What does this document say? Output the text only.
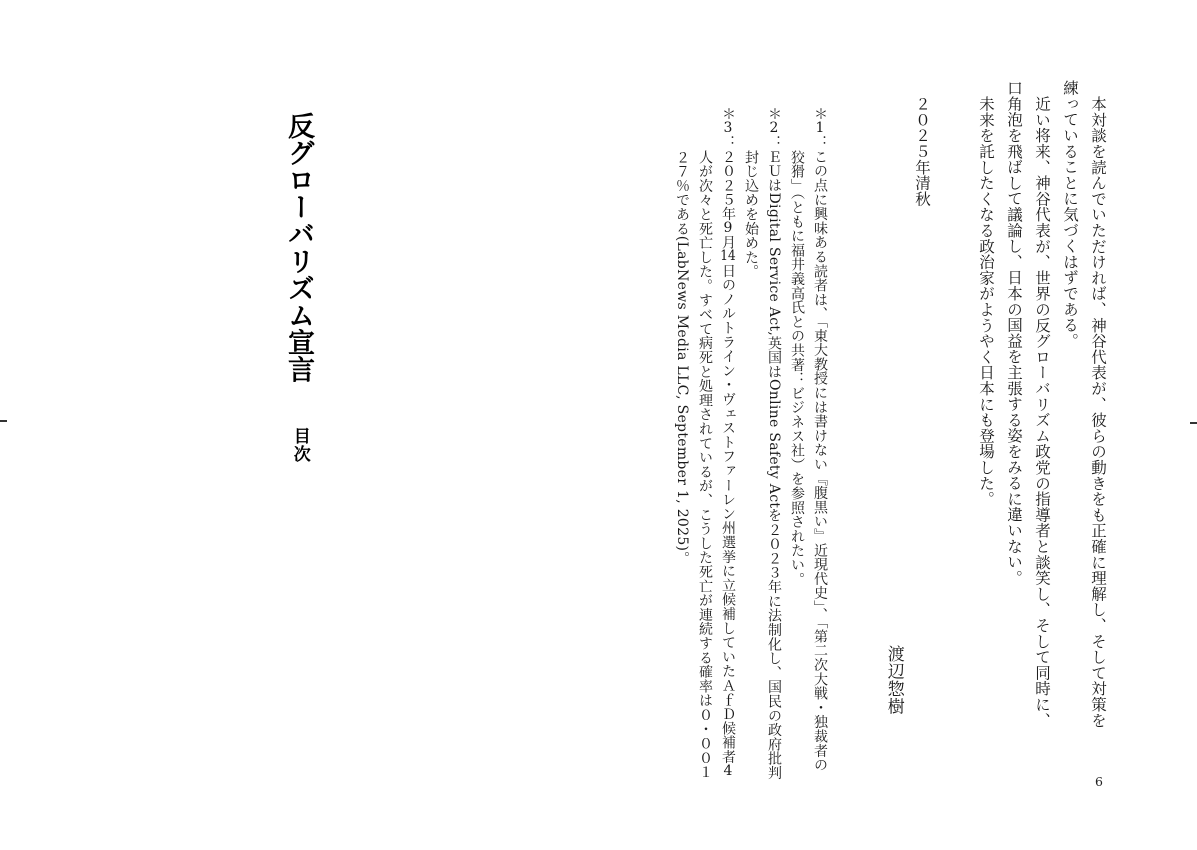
本対談を読んでいただければ、神谷代表が、彼らの動きをも正確に理解し、そして対策を練っていることに気づくはずである。

近い将来、神谷代表が、世界の反グローバリズム政党の指導者と談笑し、そして同時に、口角泡を飛ばして議論し、日本の国益を主張する姿をみるに違いない。

未来を託したくなる政治家がようやく日本にも登場した。

２０２５年清秋
渡辺惣樹

＊1：この点に興味ある読者は、「東大教授には書けない『腹黒い』近現代史」、「第二次大戦・独裁者の狡猾」（ともに福井義高氏との共著：ビジネス社）を参照されたい。

＊2：ＥＵはDigital Service Act,英国はOnline Safety Actを２０２３年に法制化し、国民の政府批判封じ込めを始めた。

＊3：２０２５年9月14日のノルトライン・ヴェストファーレン州選挙に立候補していたＡｆＤ候補者4人が次々と死亡した。すべて病死と処理されているが、こうした死亡が連続する確率は０・００１２７％である(LabNews Media LLC, September 1, 2025)。

6
反グローバリズム宣言
目次
